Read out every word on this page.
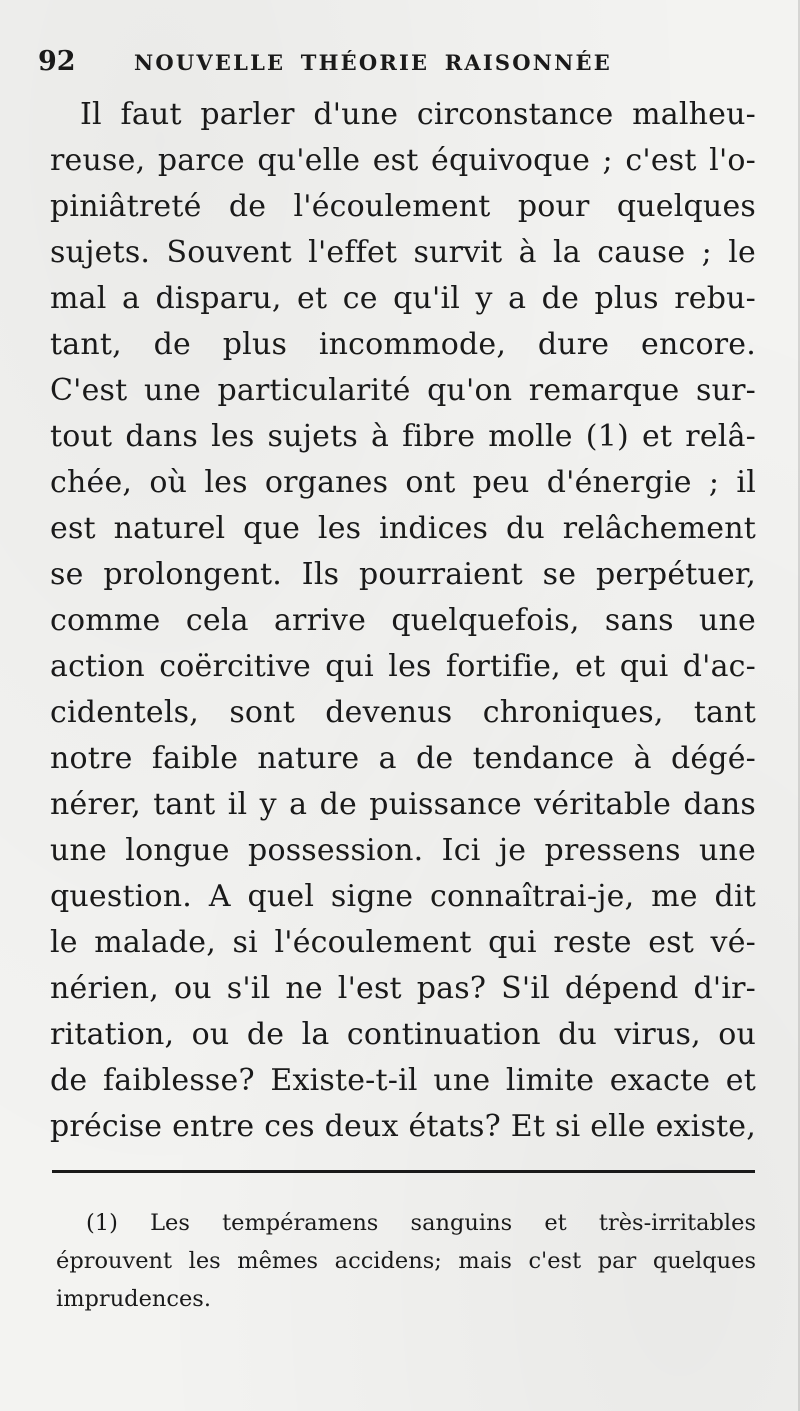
92	NOUVELLE THÉORIE RAISONNÉE
Il faut parler d'une circonstance malheu-
reuse, parce qu'elle est équivoque ; c'est l'o-
piniâtreté de l'écoulement pour quelques
sujets. Souvent l'effet survit à la cause ; le
mal a disparu, et ce qu'il y a de plus rebu-
tant, de plus incommode, dure encore.
C'est une particularité qu'on remarque sur-
tout dans les sujets à fibre molle (1) et relâ-
chée, où les organes ont peu d'énergie ; il
est naturel que les indices du relâchement
se prolongent. Ils pourraient se perpétuer,
comme cela arrive quelquefois, sans une
action coërcitive qui les fortifie, et qui d'ac-
cidentels, sont devenus chroniques, tant
notre faible nature a de tendance à dégé-
nérer, tant il y a de puissance véritable dans
une longue possession. Ici je pressens une
question. A quel signe connaîtrai-je, me dit
le malade, si l'écoulement qui reste est vé-
nérien, ou s'il ne l'est pas? S'il dépend d'ir-
ritation, ou de la continuation du virus, ou
de faiblesse? Existe-t-il une limite exacte et
précise entre ces deux états? Et si elle existe,
(1) Les tempéramens sanguins et très-irritables
éprouvent les mêmes accidens; mais c'est par quelques
imprudences.
